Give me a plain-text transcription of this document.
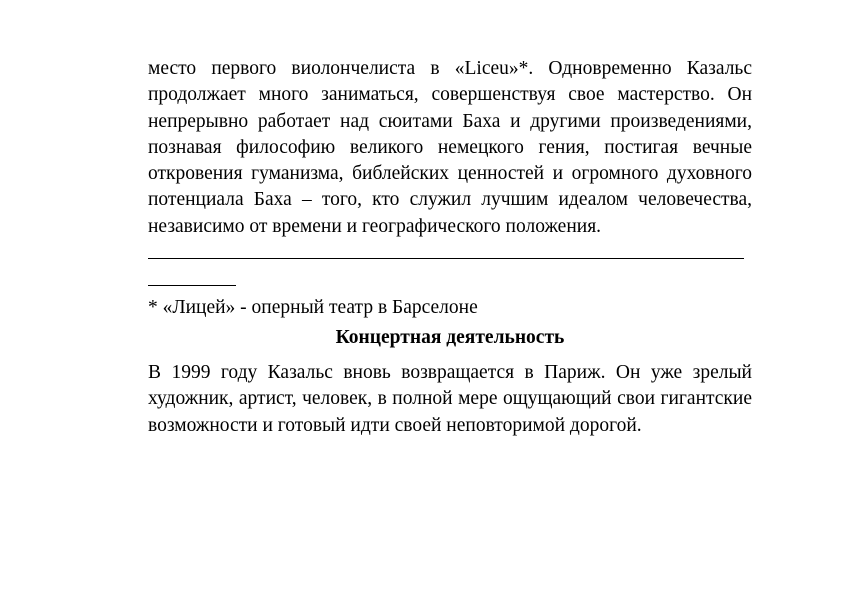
место первого виолончелиста в «Liceu»*. Одновременно Казальс продолжает много заниматься, совершенствуя свое мастерство. Он непрерывно работает над сюитами Баха и другими произведениями, познавая философию великого немецкого гения, постигая вечные откровения гуманизма, библейских ценностей и огромного духовного потенциала Баха – того, кто служил лучшим идеалом человечества, независимо от времени и географического положения.

* «Лицей» - оперный театр в Барселоне

Концертная деятельность

В 1999 году Казальс вновь возвращается в Париж. Он уже зрелый художник, артист, человек, в полной мере ощущающий свои гигантские возможности и готовый идти своей неповторимой дорогой.
